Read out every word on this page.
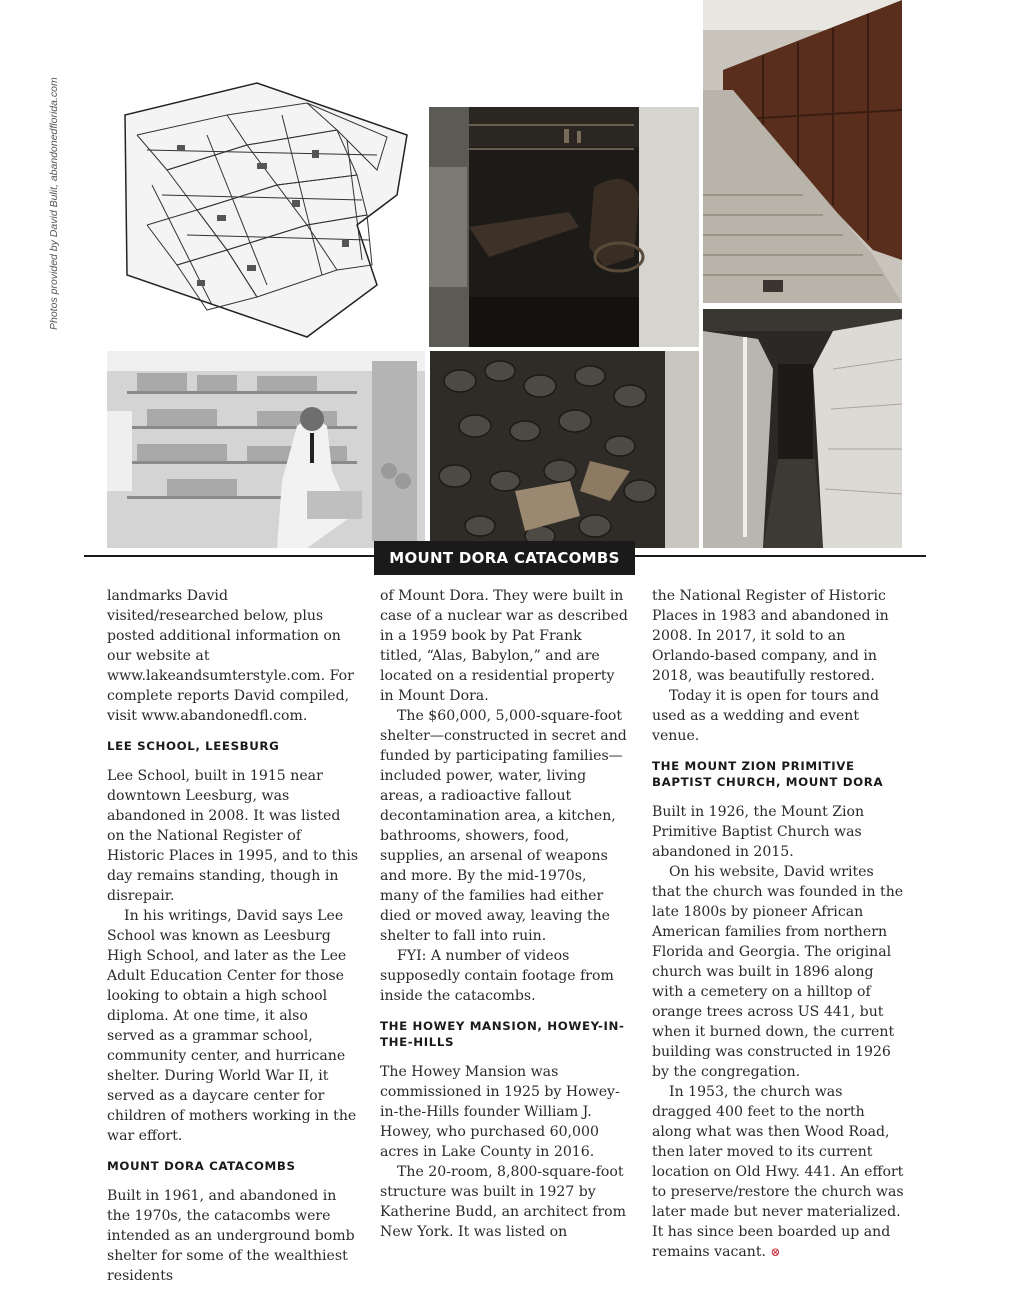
Photos provided by David Bulit, abandonedflorida.com
MOUNT DORA CATACOMBS

landmarks David visited/researched below, plus posted additional information on our website at www.lakeandsumterstyle.com. For complete reports David compiled, visit www.abandonedfl.com.

LEE SCHOOL, LEESBURG

Lee School, built in 1915 near downtown Leesburg, was abandoned in 2008. It was listed on the National Register of Historic Places in 1995, and to this day remains standing, though in disrepair.

In his writings, David says Lee School was known as Leesburg High School, and later as the Lee Adult Education Center for those looking to obtain a high school diploma. At one time, it also served as a grammar school, community center, and hurricane shelter. During World War II, it served as a daycare center for children of mothers working in the war effort.

MOUNT DORA CATACOMBS

Built in 1961, and abandoned in the 1970s, the catacombs were intended as an underground bomb shelter for some of the wealthiest residents

of Mount Dora. They were built in case of a nuclear war as described in a 1959 book by Pat Frank titled, “Alas, Babylon,” and are located on a residential property in Mount Dora.

The $60,000, 5,000-square-foot shelter—constructed in secret and funded by participating families—included power, water, living areas, a radioactive fallout decontamination area, a kitchen, bathrooms, showers, food, supplies, an arsenal of weapons and more. By the mid-1970s, many of the families had either died or moved away, leaving the shelter to fall into ruin.

FYI: A number of videos supposedly contain footage from inside the catacombs.

THE HOWEY MANSION, HOWEY-IN-THE-HILLS

The Howey Mansion was commissioned in 1925 by Howey-in-the-Hills founder William J. Howey, who purchased 60,000 acres in Lake County in 2016.

The 20-room, 8,800-square-foot structure was built in 1927 by Katherine Budd, an architect from New York. It was listed on

the National Register of Historic Places in 1983 and abandoned in 2008. In 2017, it sold to an Orlando-based company, and in 2018, was beautifully restored.

Today it is open for tours and used as a wedding and event venue.

THE MOUNT ZION PRIMITIVE BAPTIST CHURCH, MOUNT DORA

Built in 1926, the Mount Zion Primitive Baptist Church was abandoned in 2015.

On his website, David writes that the church was founded in the late 1800s by pioneer African American families from northern Florida and Georgia. The original church was built in 1896 along with a cemetery on a hilltop of orange trees across US 441, but when it burned down, the current building was constructed in 1926 by the congregation.

In 1953, the church was dragged 400 feet to the north along what was then Wood Road, then later moved to its current location on Old Hwy. 441. An effort to preserve/restore the church was later made but never materialized. It has since been boarded up and remains vacant. ⊗
